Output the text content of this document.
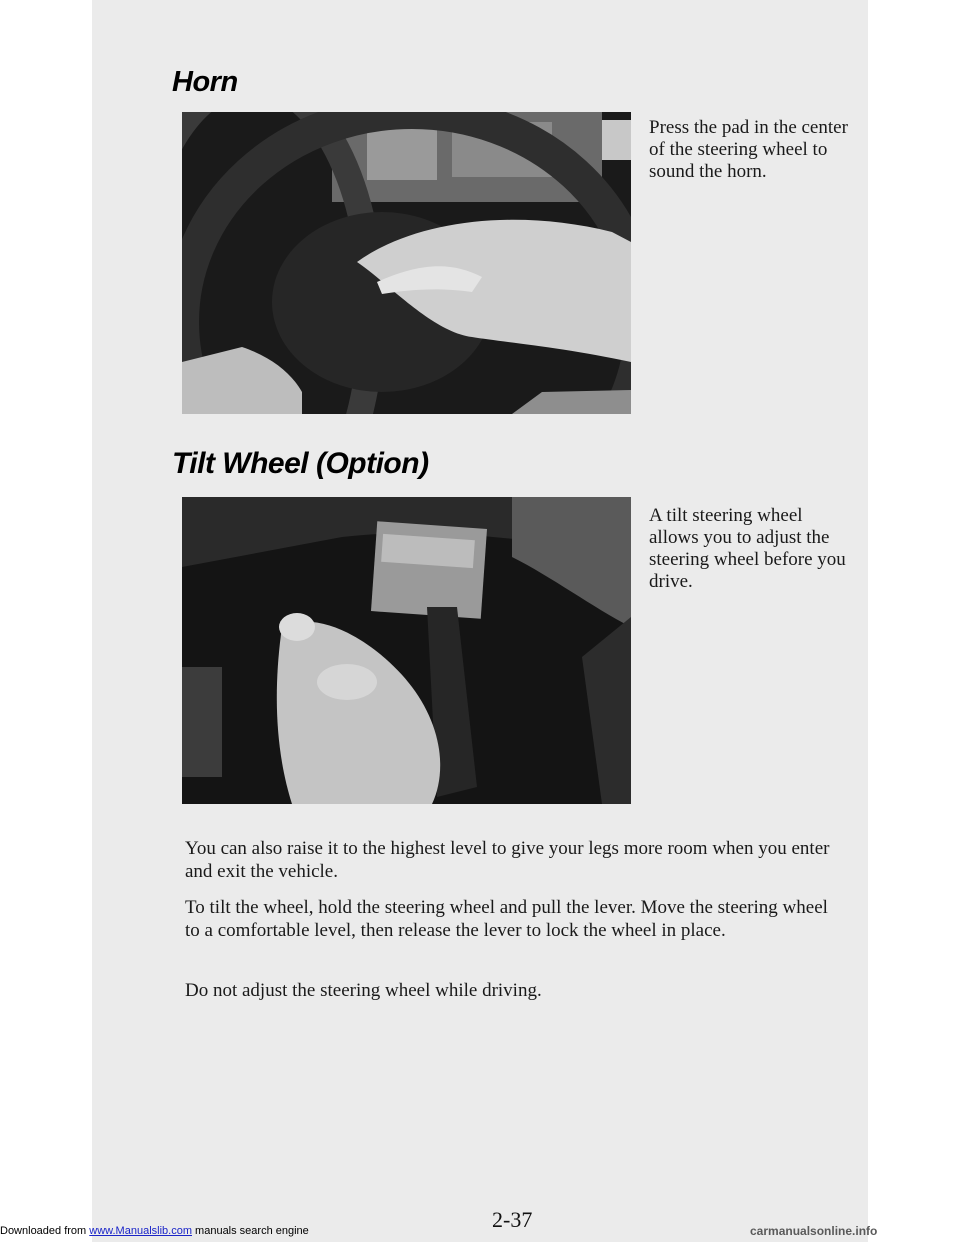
Horn

Press the pad in the center of the steering wheel to sound the horn.

Tilt Wheel (Option)

A tilt steering wheel allows you to adjust the steering wheel before you drive.

You can also raise it to the highest level to give your legs more room when you enter and exit the vehicle.

To tilt the wheel, hold the steering wheel and pull the lever. Move the steering wheel to a comfortable level, then release the lever to lock the wheel in place.

Do not adjust the steering wheel while driving.

2-37
Downloaded from www.Manualslib.com manuals search engine	carmanualsonline.info
